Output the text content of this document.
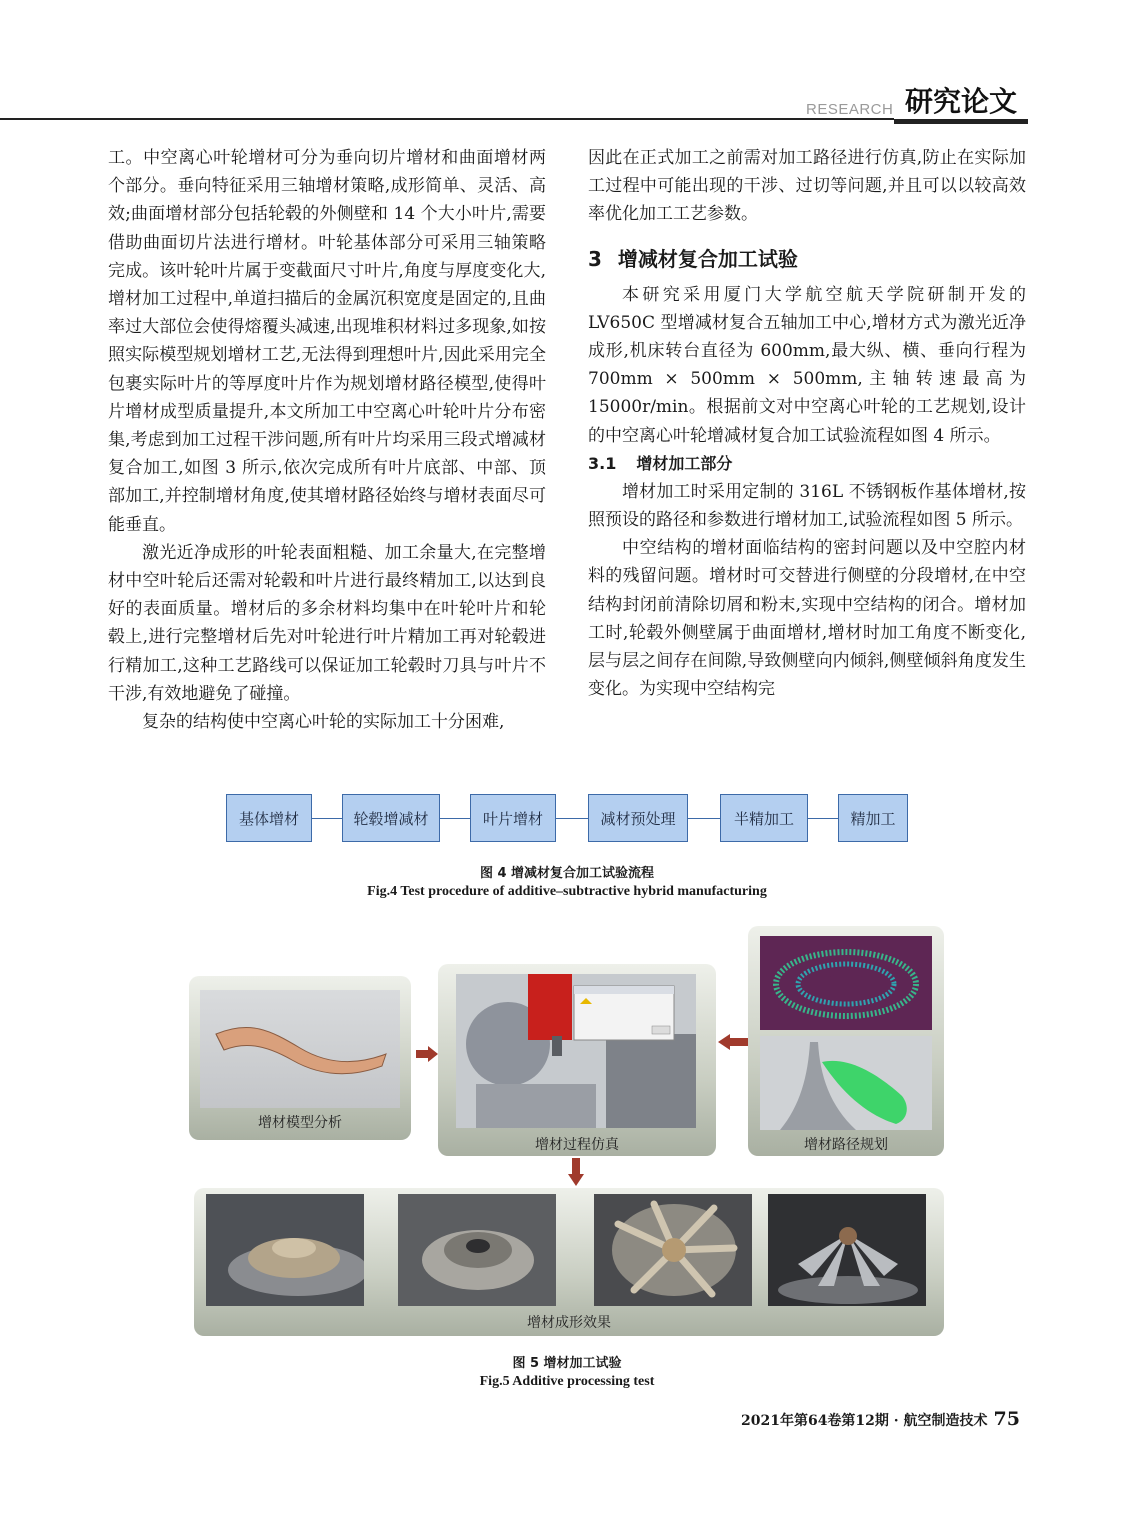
RESEARCH 研究论文

工。中空离心叶轮增材可分为垂向切片增材和曲面增材两个部分。垂向特征采用三轴增材策略,成形简单、灵活、高效;曲面增材部分包括轮毂的外侧壁和 14 个大小叶片,需要借助曲面切片法进行增材。叶轮基体部分可采用三轴策略完成。该叶轮叶片属于变截面尺寸叶片,角度与厚度变化大,增材加工过程中,单道扫描后的金属沉积宽度是固定的,且曲率过大部位会使得熔覆头减速,出现堆积材料过多现象,如按照实际模型规划增材工艺,无法得到理想叶片,因此采用完全包裹实际叶片的等厚度叶片作为规划增材路径模型,使得叶片增材成型质量提升,本文所加工中空离心叶轮叶片分布密集,考虑到加工过程干涉问题,所有叶片均采用三段式增减材复合加工,如图 3 所示,依次完成所有叶片底部、中部、顶部加工,并控制增材角度,使其增材路径始终与增材表面尽可能垂直。

激光近净成形的叶轮表面粗糙、加工余量大,在完整增材中空叶轮后还需对轮毂和叶片进行最终精加工,以达到良好的表面质量。增材后的多余材料均集中在叶轮叶片和轮毂上,进行完整增材后先对叶轮进行叶片精加工再对轮毂进行精加工,这种工艺路线可以保证加工轮毂时刀具与叶片不干涉,有效地避免了碰撞。

复杂的结构使中空离心叶轮的实际加工十分困难,

因此在正式加工之前需对加工路径进行仿真,防止在实际加工过程中可能出现的干涉、过切等问题,并且可以以较高效率优化加工工艺参数。

3 增减材复合加工试验

本研究采用厦门大学航空航天学院研制开发的 LV650C 型增减材复合五轴加工中心,增材方式为激光近净成形,机床转台直径为 600mm,最大纵、横、垂向行程为 700mm × 500mm × 500mm,主轴转速最高为 15000r/min。根据前文对中空离心叶轮的工艺规划,设计的中空离心叶轮增减材复合加工试验流程如图 4 所示。

3.1 增材加工部分

增材加工时采用定制的 316L 不锈钢板作基体增材,按照预设的路径和参数进行增材加工,试验流程如图 5 所示。

中空结构的增材面临结构的密封问题以及中空腔内材料的残留问题。增材时可交替进行侧壁的分段增材,在中空结构封闭前清除切屑和粉末,实现中空结构的闭合。增材加工时,轮毂外侧壁属于曲面增材,增材时加工角度不断变化,层与层之间存在间隙,导致侧壁向内倾斜,侧壁倾斜角度发生变化。为实现中空结构完

基体增材	轮毂增减材	叶片增材	减材预处理	半精加工	精加工
图 4 增减材复合加工试验流程
Fig.4 Test procedure of additive–subtractive hybrid manufacturing
增材模型分析
增材过程仿真	增材路径规划
增材成形效果
图 5 增材加工试验
Fig.5 Additive processing test
2021年第64卷第12期 · 航空制造技术 75
